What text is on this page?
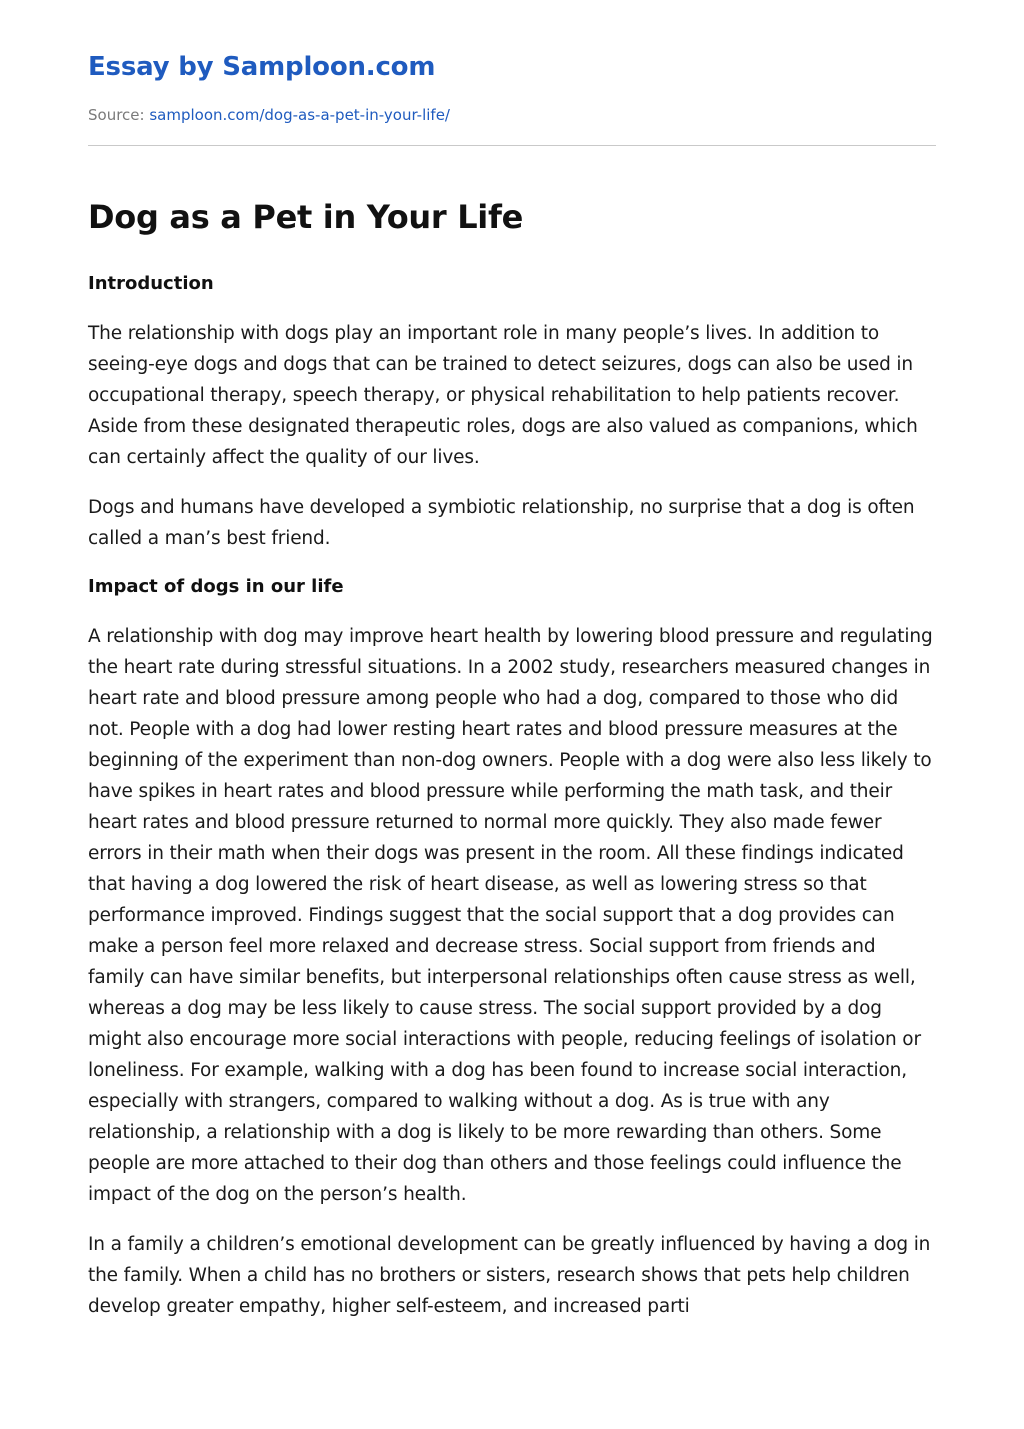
Essay by Samploon.com
Source: samploon.com/dog-as-a-pet-in-your-life/
Dog as a Pet in Your Life
Introduction

The relationship with dogs play an important role in many people’s lives. In addition to seeing-eye dogs and dogs that can be trained to detect seizures, dogs can also be used in occupational therapy, speech therapy, or physical rehabilitation to help patients recover. Aside from these designated therapeutic roles, dogs are also valued as companions, which can certainly affect the quality of our lives.

Dogs and humans have developed a symbiotic relationship, no surprise that a dog is often called a man’s best friend.

Impact of dogs in our life

A relationship with dog may improve heart health by lowering blood pressure and regulating the heart rate during stressful situations. In a 2002 study, researchers measured changes in heart rate and blood pressure among people who had a dog, compared to those who did not. People with a dog had lower resting heart rates and blood pressure measures at the beginning of the experiment than non-dog owners. People with a dog were also less likely to have spikes in heart rates and blood pressure while performing the math task, and their heart rates and blood pressure returned to normal more quickly. They also made fewer errors in their math when their dogs was present in the room. All these findings indicated that having a dog lowered the risk of heart disease, as well as lowering stress so that performance improved. Findings suggest that the social support that a dog provides can make a person feel more relaxed and decrease stress. Social support from friends and family can have similar benefits, but interpersonal relationships often cause stress as well, whereas a dog may be less likely to cause stress. The social support provided by a dog might also encourage more social interactions with people, reducing feelings of isolation or loneliness. For example, walking with a dog has been found to increase social interaction, especially with strangers, compared to walking without a dog. As is true with any relationship, a relationship with a dog is likely to be more rewarding than others. Some people are more attached to their dog than others and those feelings could influence the impact of the dog on the person’s health.

In a family a children’s emotional development can be greatly influenced by having a dog in the family. When a child has no brothers or sisters, research shows that pets help children develop greater empathy, higher self-esteem, and increased parti
